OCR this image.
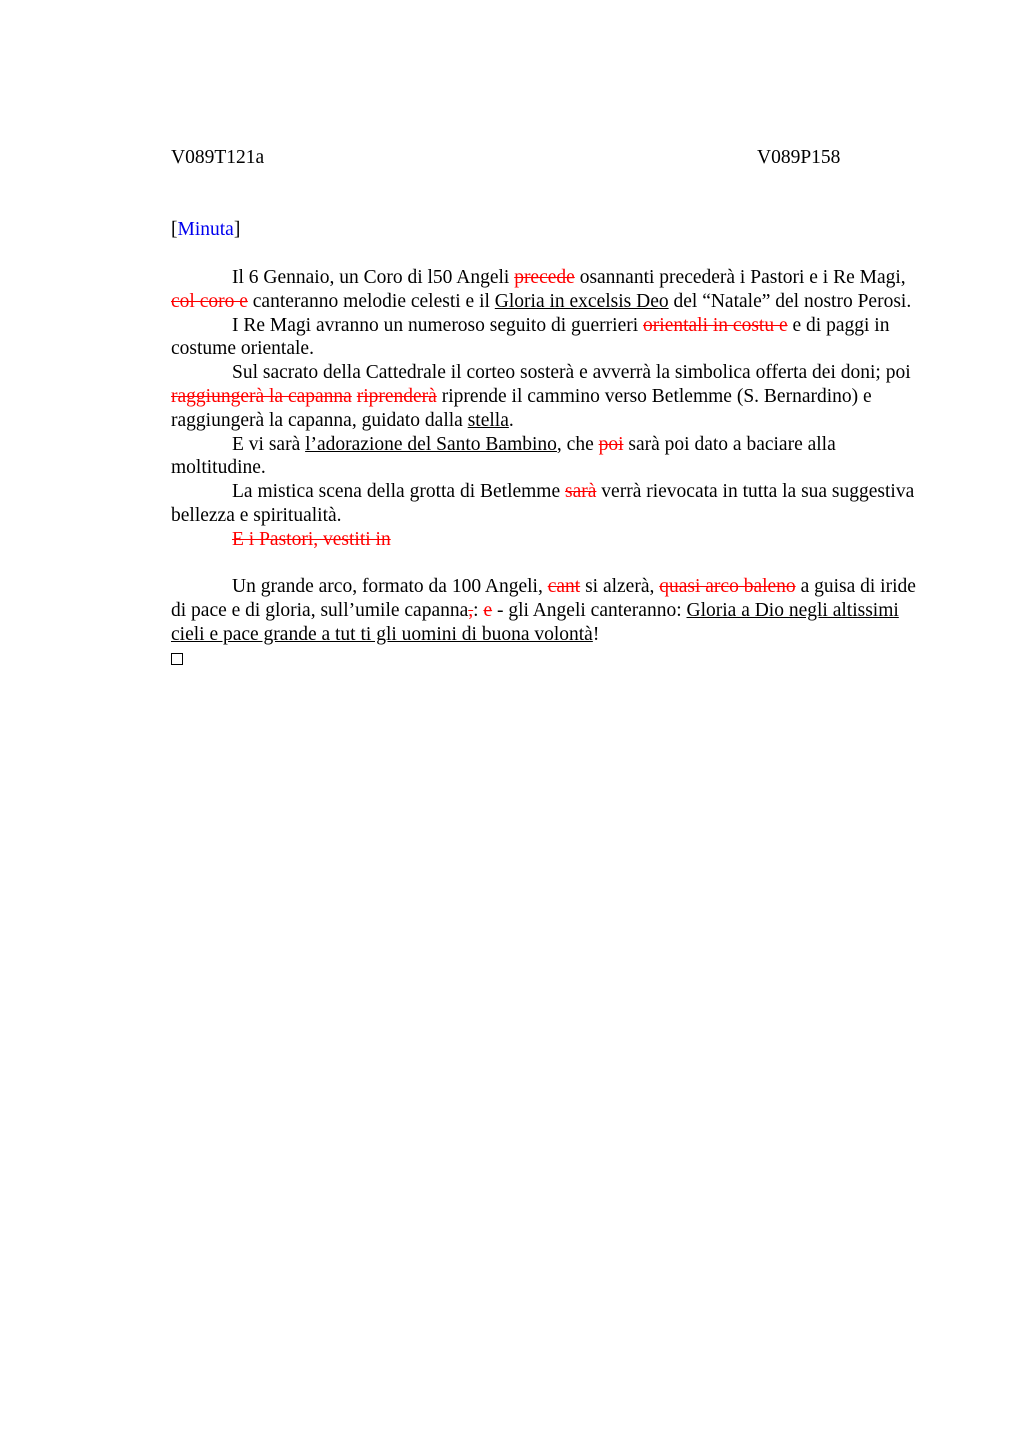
V089T121a	V089P158
[Minuta]

Il 6 Gennaio, un Coro di l50 Angeli precede osannanti precederà i Pastori e i Re Magi, col coro e canteranno melodie celesti e il Gloria in excelsis Deo del “Natale” del nostro Perosi.

I Re Magi avranno un numeroso seguito di guerrieri orientali in costu e e di paggi in costume orientale.

Sul sacrato della Cattedrale il corteo sosterà e avverrà la simbolica offerta dei doni; poi raggiungerà la capanna riprenderà riprende il cammino verso Betlemme (S. Bernardino) e raggiungerà la capanna, guidato dalla stella.

E vi sarà l’adorazione del Santo Bambino, che poi sarà poi dato a baciare alla moltitudine.

La mistica scena della grotta di Betlemme sarà verrà rievocata in tutta la sua suggestiva bellezza e spiritualità.

E i Pastori, vestiti in

Un grande arco, formato da 100 Angeli, cant si alzerà, quasi arco baleno a guisa di iride di pace e di gloria, sull’umile capanna,: e - gli Angeli canteranno: Gloria a Dio negli altissimi cieli e pace grande a tut ti gli uomini di buona volontà!
